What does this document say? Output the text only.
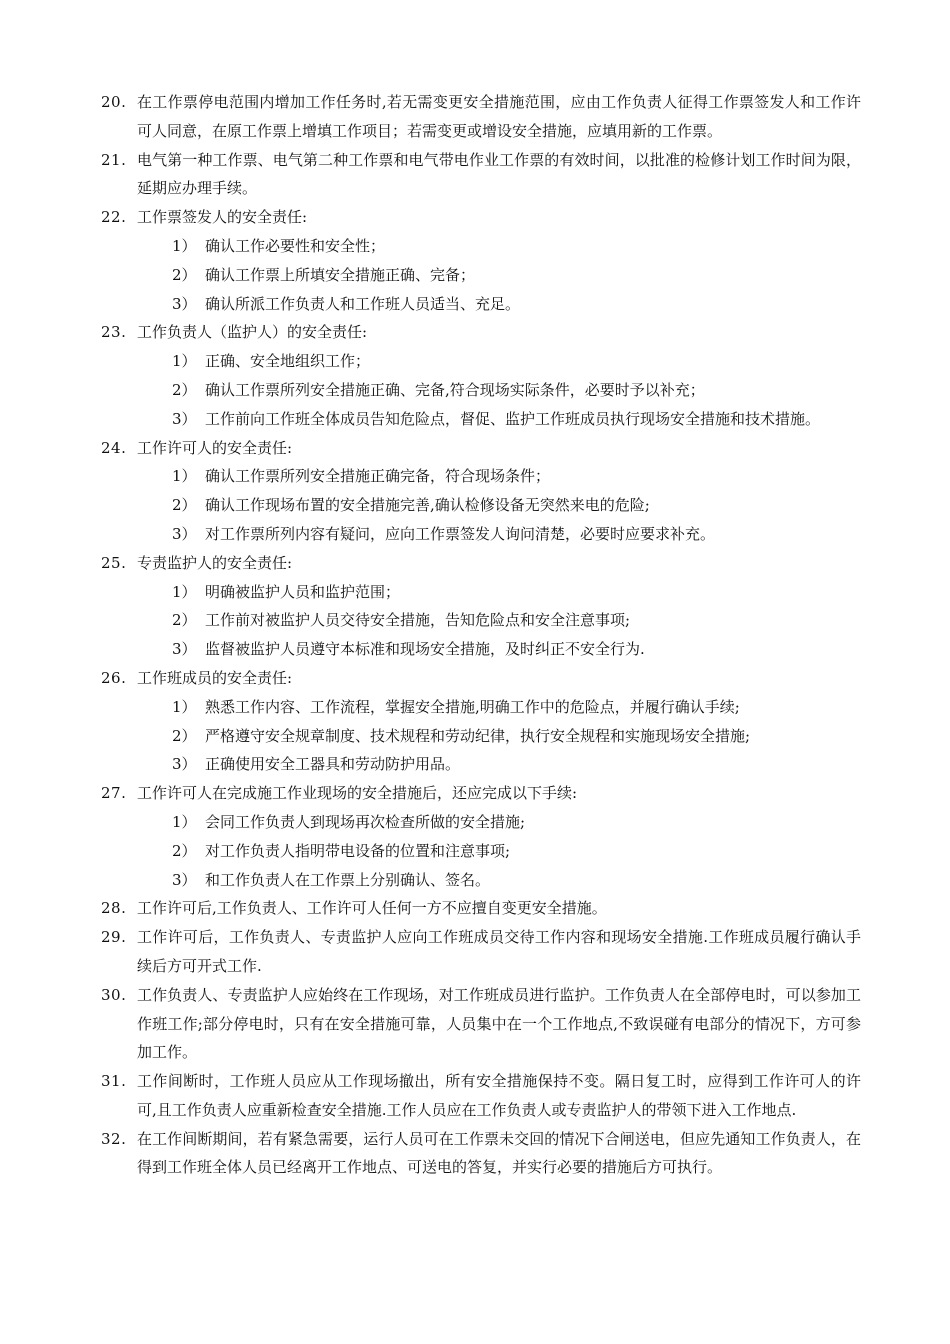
20. 在工作票停电范围内增加工作任务时,若无需变更安全措施范围，应由工作负责人征得工作票签发人和工作许可人同意，在原工作票上增填工作项目；若需变更或增设安全措施，应填用新的工作票。
21. 电气第一种工作票、电气第二种工作票和电气带电作业工作票的有效时间，以批准的检修计划工作时间为限，延期应办理手续。
22. 工作票签发人的安全责任:
1） 确认工作必要性和安全性；
2） 确认工作票上所填安全措施正确、完备；
3） 确认所派工作负责人和工作班人员适当、充足。
23. 工作负责人（监护人）的安全责任:
1） 正确、安全地组织工作；
2） 确认工作票所列安全措施正确、完备,符合现场实际条件，必要时予以补充；
3） 工作前向工作班全体成员告知危险点，督促、监护工作班成员执行现场安全措施和技术措施。
24. 工作许可人的安全责任:
1） 确认工作票所列安全措施正确完备，符合现场条件；
2） 确认工作现场布置的安全措施完善,确认检修设备无突然来电的危险;
3） 对工作票所列内容有疑问，应向工作票签发人询问清楚，必要时应要求补充。
25. 专责监护人的安全责任:
1） 明确被监护人员和监护范围；
2） 工作前对被监护人员交待安全措施，告知危险点和安全注意事项;
3） 监督被监护人员遵守本标准和现场安全措施，及时纠正不安全行为.
26. 工作班成员的安全责任:
1） 熟悉工作内容、工作流程，掌握安全措施,明确工作中的危险点，并履行确认手续;
2） 严格遵守安全规章制度、技术规程和劳动纪律，执行安全规程和实施现场安全措施;
3） 正确使用安全工器具和劳动防护用品。
27. 工作许可人在完成施工作业现场的安全措施后，还应完成以下手续:
1） 会同工作负责人到现场再次检查所做的安全措施;
2） 对工作负责人指明带电设备的位置和注意事项;
3） 和工作负责人在工作票上分别确认、签名。
28. 工作许可后,工作负责人、工作许可人任何一方不应擅自变更安全措施。
29. 工作许可后，工作负责人、专责监护人应向工作班成员交待工作内容和现场安全措施.工作班成员履行确认手续后方可开式工作.
30. 工作负责人、专责监护人应始终在工作现场，对工作班成员进行监护。工作负责人在全部停电时，可以参加工作班工作;部分停电时，只有在安全措施可靠，人员集中在一个工作地点,不致误碰有电部分的情况下，方可参加工作。
31. 工作间断时，工作班人员应从工作现场撤出，所有安全措施保持不变。隔日复工时，应得到工作许可人的许可,且工作负责人应重新检查安全措施.工作人员应在工作负责人或专责监护人的带领下进入工作地点.
32. 在工作间断期间，若有紧急需要，运行人员可在工作票未交回的情况下合闸送电，但应先通知工作负责人，在得到工作班全体人员已经离开工作地点、可送电的答复，并实行必要的措施后方可执行。
